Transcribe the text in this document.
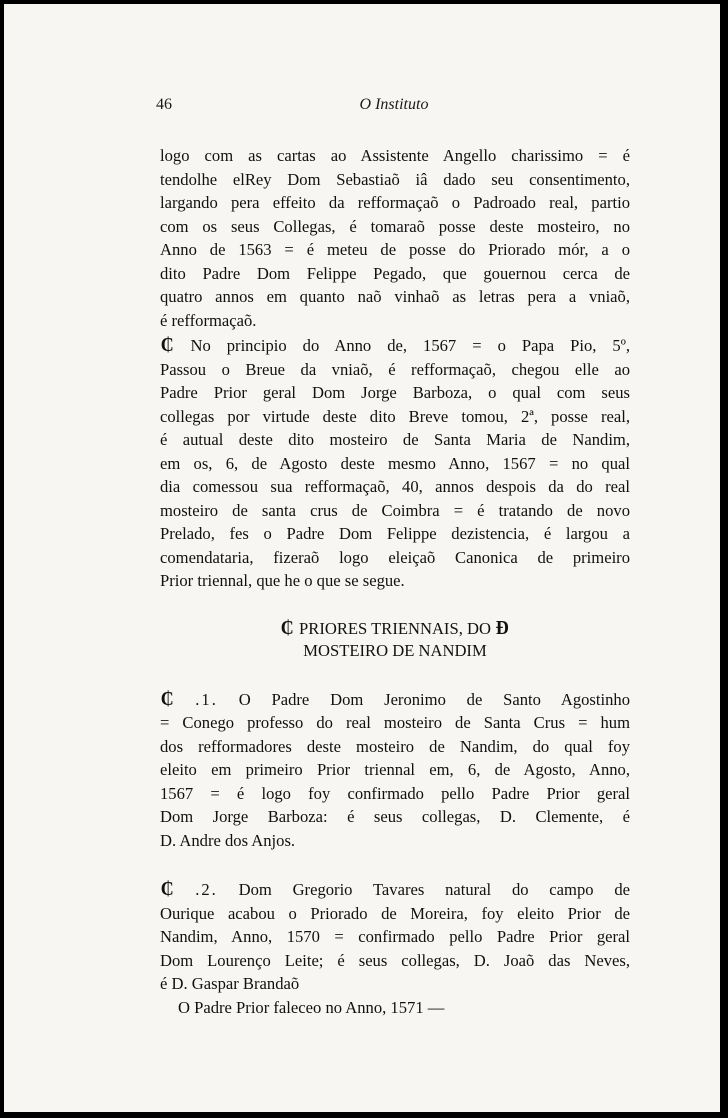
46	O Instituto
logo com as cartas ao Assistente Angello charissimo = é
tendolhe elRey Dom Sebastiaõ iâ dado seu consentimento,
largando pera effeito da refformaçaõ o Padroado real, partio
com os seus Collegas, é tomaraõ posse deste mosteiro, no
Anno de 1563 = é meteu de posse do Priorado mór, a o
dito Padre Dom Felippe Pegado, que gouernou cerca de
quatro annos em quanto naõ vinhaõ as letras pera a vniaõ,
é refformaçaõ.
₵ No principio do Anno de, 1567 = o Papa Pio, 5º,
Passou o Breue da vniaõ, é refformaçaõ, chegou elle ao
Padre Prior geral Dom Jorge Barboza, o qual com seus
collegas por virtude deste dito Breve tomou, 2ª, posse real,
é autual deste dito mosteiro de Santa Maria de Nandim,
em os, 6, de Agosto deste mesmo Anno, 1567 = no qual
dia comessou sua refformaçaõ, 40, annos despois da do real
mosteiro de santa crus de Coimbra = é tratando de novo
Prelado, fes o Padre Dom Felippe dezistencia, é largou a
comendataria, fizeraõ logo eleiçaõ Canonica de primeiro
Prior triennal, que he o que se segue.
₵ PRIORES TRIENNAIS, DO Ɖ
MOSTEIRO DE NANDIM
₵ .1. O Padre Dom Jeronimo de Santo Agostinho
= Conego professo do real mosteiro de Santa Crus = hum
dos refformadores deste mosteiro de Nandim, do qual foy
eleito em primeiro Prior triennal em, 6, de Agosto, Anno,
1567 = é logo foy confirmado pello Padre Prior geral
Dom Jorge Barboza: é seus collegas, D. Clemente, é
D. Andre dos Anjos.
₵ .2. Dom Gregorio Tavares natural do campo de
Ourique acabou o Priorado de Moreira, foy eleito Prior de
Nandim, Anno, 1570 = confirmado pello Padre Prior geral
Dom Lourenço Leite; é seus collegas, D. Joaõ das Neves,
é D. Gaspar Brandaõ
O Padre Prior faleceo no Anno, 1571 —
